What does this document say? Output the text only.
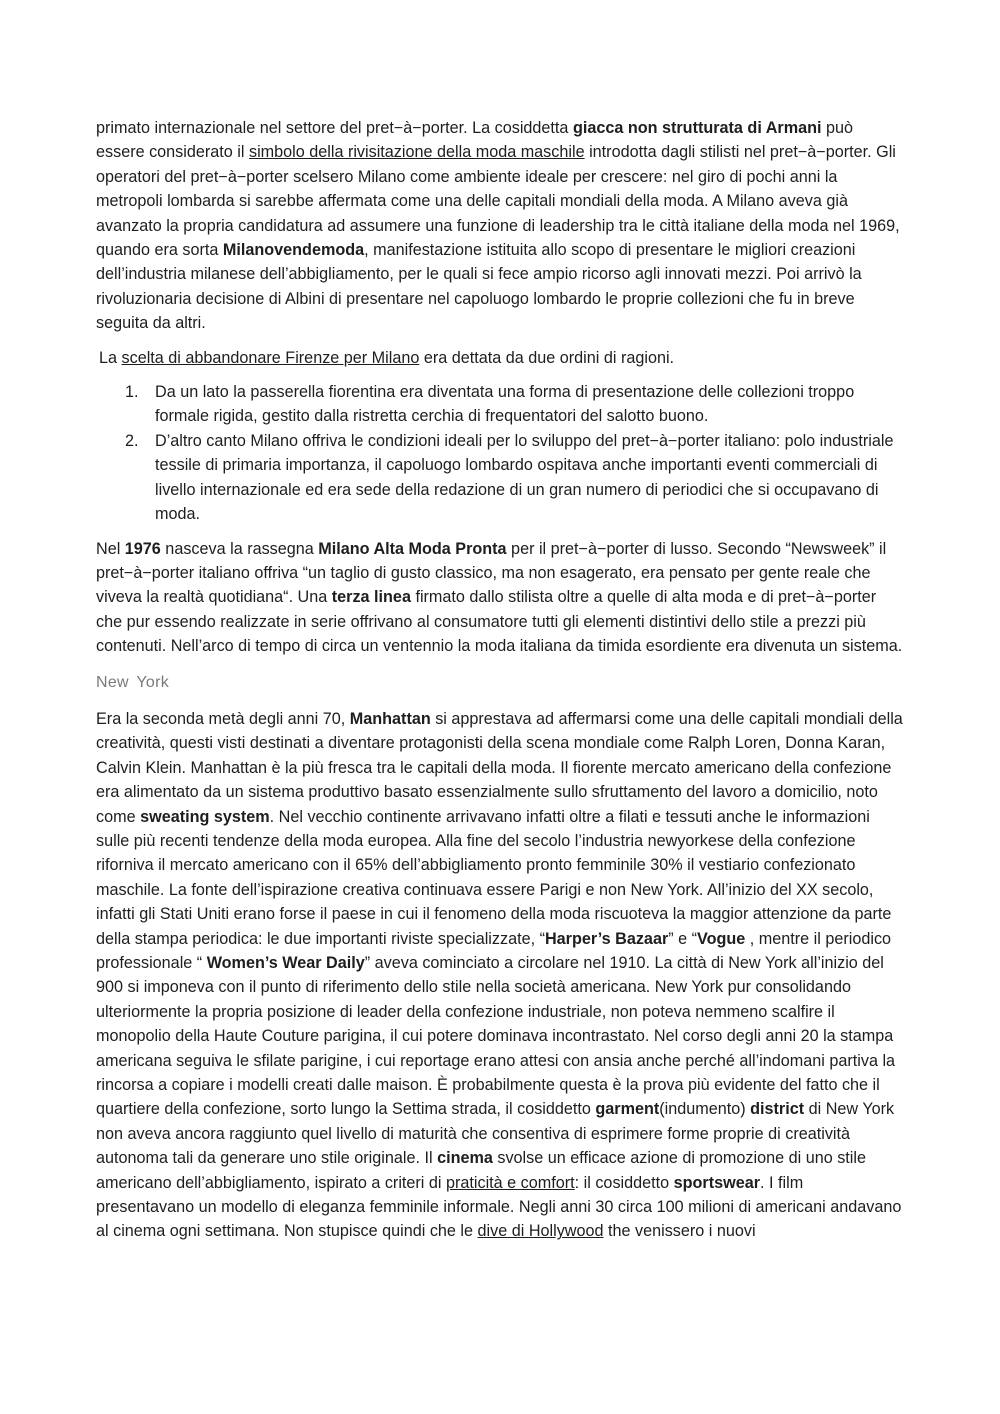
primato internazionale nel settore del pret−à−porter. La cosiddetta giacca non strutturata di Armani può essere considerato il simbolo della rivisitazione della moda maschile introdotta dagli stilisti nel pret−à−porter. Gli operatori del pret−à−porter scelsero Milano come ambiente ideale per crescere: nel giro di pochi anni la metropoli lombarda si sarebbe affermata come una delle capitali mondiali della moda. A Milano aveva già avanzato la propria candidatura ad assumere una funzione di leadership tra le città italiane della moda nel 1969, quando era sorta Milanovendemoda, manifestazione istituita allo scopo di presentare le migliori creazioni dell’industria milanese dell’abbigliamento, per le quali si fece ampio ricorso agli innovati mezzi. Poi arrivò la rivoluzionaria decisione di Albini di presentare nel capoluogo lombardo le proprie collezioni che fu in breve seguita da altri.

La scelta di abbandonare Firenze per Milano era dettata da due ordini di ragioni.

1. Da un lato la passerella fiorentina era diventata una forma di presentazione delle collezioni troppo formale rigida, gestito dalla ristretta cerchia di frequentatori del salotto buono.
2. D’altro canto Milano offriva le condizioni ideali per lo sviluppo del pret−à−porter italiano: polo industriale tessile di primaria importanza, il capoluogo lombardo ospitava anche importanti eventi commerciali di livello internazionale ed era sede della redazione di un gran numero di periodici che si occupavano di moda.

Nel 1976 nasceva la rassegna Milano Alta Moda Pronta per il pret−à−porter di lusso. Secondo “Newsweek” il pret−à−porter italiano offriva “un taglio di gusto classico, ma non esagerato, era pensato per gente reale che viveva la realtà quotidiana“. Una terza linea firmato dallo stilista oltre a quelle di alta moda e di pret−à−porter che pur essendo realizzate in serie offrivano al consumatore tutti gli elementi distintivi dello stile a prezzi più contenuti. Nell’arco di tempo di circa un ventennio la moda italiana da timida esordiente era divenuta un sistema.

New York

Era la seconda metà degli anni 70, Manhattan si apprestava ad affermarsi come una delle capitali mondiali della creatività, questi visti destinati a diventare protagonisti della scena mondiale come Ralph Loren, Donna Karan, Calvin Klein. Manhattan è la più fresca tra le capitali della moda. Il fiorente mercato americano della confezione era alimentato da un sistema produttivo basato essenzialmente sullo sfruttamento del lavoro a domicilio, noto come sweating system. Nel vecchio continente arrivavano infatti oltre a filati e tessuti anche le informazioni sulle più recenti tendenze della moda europea. Alla fine del secolo l’industria newyorkese della confezione riforniva il mercato americano con il 65% dell’abbigliamento pronto femminile 30% il vestiario confezionato maschile. La fonte dell’ispirazione creativa continuava essere Parigi e non New York. All’inizio del XX secolo, infatti gli Stati Uniti erano forse il paese in cui il fenomeno della moda riscuoteva la maggior attenzione da parte della stampa periodica: le due importanti riviste specializzate, “Harper’s Bazaar” e “Vogue , mentre il periodico professionale “ Women’s Wear Daily” aveva cominciato a circolare nel 1910. La città di New York all’inizio del 900 si imponeva con il punto di riferimento dello stile nella società americana. New York pur consolidando ulteriormente la propria posizione di leader della confezione industriale, non poteva nemmeno scalfire il monopolio della Haute Couture parigina, il cui potere dominava incontrastato. Nel corso degli anni 20 la stampa americana seguiva le sfilate parigine, i cui reportage erano attesi con ansia anche perché all’indomani partiva la rincorsa a copiare i modelli creati dalle maison. È probabilmente questa è la prova più evidente del fatto che il quartiere della confezione, sorto lungo la Settima strada, il cosiddetto garment(indumento) district di New York non aveva ancora raggiunto quel livello di maturità che consentiva di esprimere forme proprie di creatività autonoma tali da generare uno stile originale. Il cinema svolse un efficace azione di promozione di uno stile americano dell’abbigliamento, ispirato a criteri di praticità e comfort: il cosiddetto sportswear. I film presentavano un modello di eleganza femminile informale. Negli anni 30 circa 100 milioni di americani andavano al cinema ogni settimana. Non stupisce quindi che le dive di Hollywood the venissero i nuovi
